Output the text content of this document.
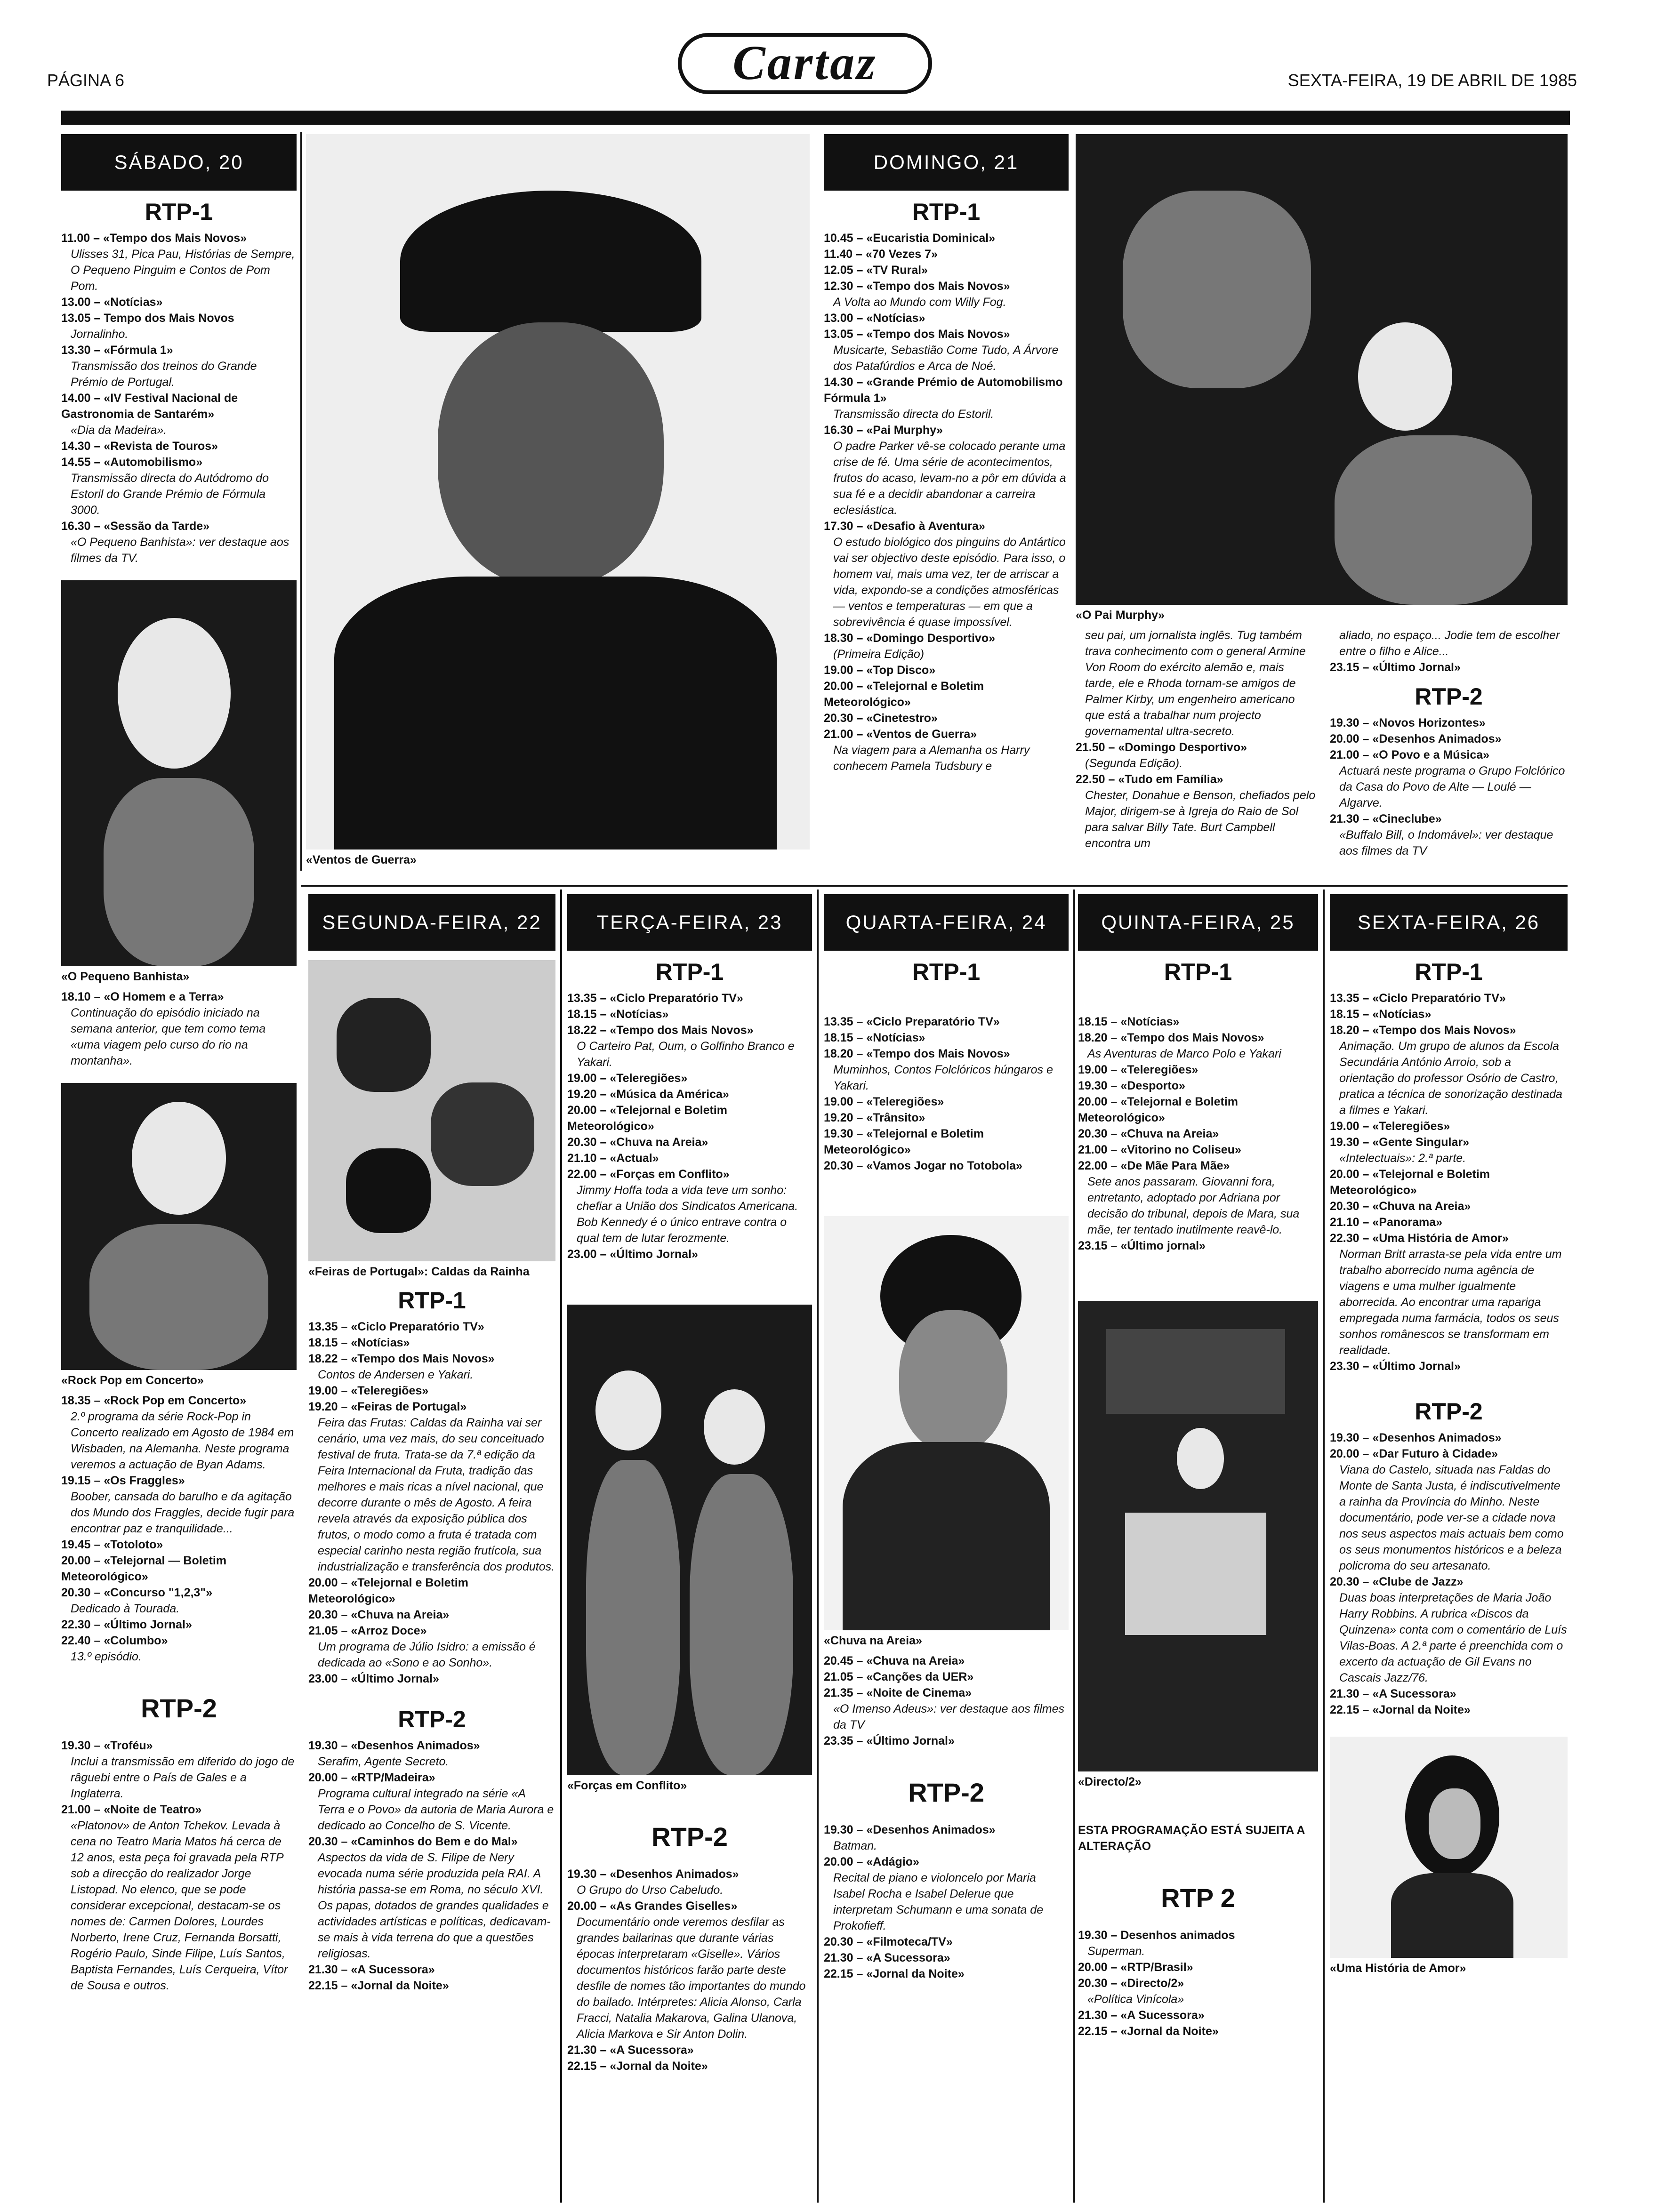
PÁGINA 6	Cartaz	SEXTA-FEIRA, 19 DE ABRIL DE 1985
SÁBADO, 20
RTP-1
11.00 – «Tempo dos Mais Novos»
Ulisses 31, Pica Pau, Histórias de Sempre, O Pequeno Pinguim e Contos de Pom Pom.
13.00 – «Notícias»
13.05 – Tempo dos Mais Novos
Jornalinho.
13.30 – «Fórmula 1»
Transmissão dos treinos do Grande Prémio de Portugal.
14.00 – «IV Festival Nacional de Gastronomia de Santarém»
«Dia da Madeira».
14.30 – «Revista de Touros»
14.55 – «Automobilismo»
Transmissão directa do Autódromo do Estoril do Grande Prémio de Fórmula 3000.
16.30 – «Sessão da Tarde»
«O Pequeno Banhista»: ver destaque aos filmes da TV.
«O Pequeno Banhista»
18.10 – «O Homem e a Terra»
Continuação do episódio iniciado na semana anterior, que tem como tema «uma viagem pelo curso do rio na montanha».
«Rock Pop em Concerto»
18.35 – «Rock Pop em Concerto»
2.º programa da série Rock-Pop in Concerto realizado em Agosto de 1984 em Wisbaden, na Alemanha. Neste programa veremos a actuação de Byan Adams.
19.15 – «Os Fraggles»
Boober, cansada do barulho e da agitação dos Mundo dos Fraggles, decide fugir para encontrar paz e tranquilidade...
19.45 – «Totoloto»
20.00 – «Telejornal — Boletim Meteorológico»
20.30 – «Concurso "1,2,3"»
Dedicado à Tourada.
22.30 – «Último Jornal»
22.40 – «Columbo»
13.º episódio.
RTP-2
19.30 – «Troféu»
Inclui a transmissão em diferido do jogo de râguebi entre o País de Gales e a Inglaterra.
21.00 – «Noite de Teatro»
«Platonov» de Anton Tchekov. Levada à cena no Teatro Maria Matos há cerca de 12 anos, esta peça foi gravada pela RTP sob a direcção do realizador Jorge Listopad. No elenco, que se pode considerar excepcional, destacam-se os nomes de: Carmen Dolores, Lourdes Norberto, Irene Cruz, Fernanda Borsatti, Rogério Paulo, Sinde Filipe, Luís Santos, Baptista Fernandes, Luís Cerqueira, Vítor de Sousa e outros.
«Ventos de Guerra»
DOMINGO, 21
RTP-1
10.45 – «Eucaristia Dominical»
11.40 – «70 Vezes 7»
12.05 – «TV Rural»
12.30 – «Tempo dos Mais Novos»
A Volta ao Mundo com Willy Fog.
13.00 – «Notícias»
13.05 – «Tempo dos Mais Novos»
Musicarte, Sebastião Come Tudo, A Árvore dos Patafúrdios e Arca de Noé.
14.30 – «Grande Prémio de Automobilismo Fórmula 1»
Transmissão directa do Estoril.
16.30 – «Pai Murphy»
O padre Parker vê-se colocado perante uma crise de fé. Uma série de acontecimentos, frutos do acaso, levam-no a pôr em dúvida a sua fé e a decidir abandonar a carreira eclesiástica.
17.30 – «Desafio à Aventura»
O estudo biológico dos pinguins do Antártico vai ser objectivo deste episódio. Para isso, o homem vai, mais uma vez, ter de arriscar a vida, expondo-se a condições atmosféricas — ventos e temperaturas — em que a sobrevivência é quase impossível.
18.30 – «Domingo Desportivo»
(Primeira Edição)
19.00 – «Top Disco»
20.00 – «Telejornal e Boletim Meteorológico»
20.30 – «Cinetestro»
21.00 – «Ventos de Guerra»
Na viagem para a Alemanha os Harry conhecem Pamela Tudsbury e
«O Pai Murphy»
seu pai, um jornalista inglês. Tug também trava conhecimento com o general Armine Von Room do exército alemão e, mais tarde, ele e Rhoda tornam-se amigos de Palmer Kirby, um engenheiro americano que está a trabalhar num projecto governamental ultra-secreto.
21.50 – «Domingo Desportivo»
(Segunda Edição).
22.50 – «Tudo em Família»
Chester, Donahue e Benson, chefiados pelo Major, dirigem-se à Igreja do Raio de Sol para salvar Billy Tate. Burt Campbell encontra um
aliado, no espaço... Jodie tem de escolher entre o filho e Alice...
23.15 – «Último Jornal»
RTP-2
19.30 – «Novos Horizontes»
20.00 – «Desenhos Animados»
21.00 – «O Povo e a Música»
Actuará neste programa o Grupo Folclórico da Casa do Povo de Alte — Loulé — Algarve.
21.30 – «Cineclube»
«Buffalo Bill, o Indomável»: ver destaque aos filmes da TV
SEGUNDA-FEIRA, 22
«Feiras de Portugal»: Caldas da Rainha
RTP-1
13.35 – «Ciclo Preparatório TV»
18.15 – «Notícias»
18.22 – «Tempo dos Mais Novos»
Contos de Andersen e Yakari.
19.00 – «Teleregiões»
19.20 – «Feiras de Portugal»
Feira das Frutas: Caldas da Rainha vai ser cenário, uma vez mais, do seu conceituado festival de fruta. Trata-se da 7.ª edição da Feira Internacional da Fruta, tradição das melhores e mais ricas a nível nacional, que decorre durante o mês de Agosto. A feira revela através da exposição pública dos frutos, o modo como a fruta é tratada com especial carinho nesta região frutícola, sua industrialização e transferência dos produtos.
20.00 – «Telejornal e Boletim Meteorológico»
20.30 – «Chuva na Areia»
21.05 – «Arroz Doce»
Um programa de Júlio Isidro: a emissão é dedicada ao «Sono e ao Sonho».
23.00 – «Último Jornal»
RTP-2
19.30 – «Desenhos Animados»
Serafim, Agente Secreto.
20.00 – «RTP/Madeira»
Programa cultural integrado na série «A Terra e o Povo» da autoria de Maria Aurora e dedicado ao Concelho de S. Vicente.
20.30 – «Caminhos do Bem e do Mal»
Aspectos da vida de S. Filipe de Nery evocada numa série produzida pela RAI. A história passa-se em Roma, no século XVI. Os papas, dotados de grandes qualidades e actividades artísticas e políticas, dedicavam-se mais à vida terrena do que a questões religiosas.
21.30 – «A Sucessora»
22.15 – «Jornal da Noite»
TERÇA-FEIRA, 23
RTP-1
13.35 – «Ciclo Preparatório TV»
18.15 – «Notícias»
18.22 – «Tempo dos Mais Novos»
O Carteiro Pat, Oum, o Golfinho Branco e Yakari.
19.00 – «Teleregiões»
19.20 – «Música da América»
20.00 – «Telejornal e Boletim Meteorológico»
20.30 – «Chuva na Areia»
21.10 – «Actual»
22.00 – «Forças em Conflito»
Jimmy Hoffa toda a vida teve um sonho: chefiar a União dos Sindicatos Americana. Bob Kennedy é o único entrave contra o qual tem de lutar ferozmente.
23.00 – «Último Jornal»
«Forças em Conflito»
RTP-2
19.30 – «Desenhos Animados»
O Grupo do Urso Cabeludo.
20.00 – «As Grandes Giselles»
Documentário onde veremos desfilar as grandes bailarinas que durante várias épocas interpretaram «Giselle». Vários documentos históricos farão parte deste desfile de nomes tão importantes do mundo do bailado. Intérpretes: Alicia Alonso, Carla Fracci, Natalia Makarova, Galina Ulanova, Alicia Markova e Sir Anton Dolin.
21.30 – «A Sucessora»
22.15 – «Jornal da Noite»
QUARTA-FEIRA, 24
RTP-1
13.35 – «Ciclo Preparatório TV»
18.15 – «Notícias»
18.20 – «Tempo dos Mais Novos»
Muminhos, Contos Folclóricos húngaros e Yakari.
19.00 – «Teleregiões»
19.20 – «Trânsito»
19.30 – «Telejornal e Boletim Meteorológico»
20.30 – «Vamos Jogar no Totobola»
«Chuva na Areia»
20.45 – «Chuva na Areia»
21.05 – «Canções da UER»
21.35 – «Noite de Cinema»
«O Imenso Adeus»: ver destaque aos filmes da TV
23.35 – «Último Jornal»
RTP-2
19.30 – «Desenhos Animados»
Batman.
20.00 – «Adágio»
Recital de piano e violoncelo por Maria Isabel Rocha e Isabel Delerue que interpretam Schumann e uma sonata de Prokofieff.
20.30 – «Filmoteca/TV»
21.30 – «A Sucessora»
22.15 – «Jornal da Noite»
QUINTA-FEIRA, 25
RTP-1
18.15 – «Notícias»
18.20 – «Tempo dos Mais Novos»
As Aventuras de Marco Polo e Yakari
19.00 – «Teleregiões»
19.30 – «Desporto»
20.00 – «Telejornal e Boletim Meteorológico»
20.30 – «Chuva na Areia»
21.00 – «Vitorino no Coliseu»
22.00 – «De Mãe Para Mãe»
Sete anos passaram. Giovanni fora, entretanto, adoptado por Adriana por decisão do tribunal, depois de Mara, sua mãe, ter tentado inutilmente reavê-lo.
23.15 – «Último jornal»
«Directo/2»
ESTA PROGRAMAÇÃO ESTÁ SUJEITA A ALTERAÇÃO
RTP 2
19.30 – Desenhos animados
Superman.
20.00 – «RTP/Brasil»
20.30 – «Directo/2»
«Política Vinícola»
21.30 – «A Sucessora»
22.15 – «Jornal da Noite»
SEXTA-FEIRA, 26
RTP-1
13.35 – «Ciclo Preparatório TV»
18.15 – «Notícias»
18.20 – «Tempo dos Mais Novos»
Animação. Um grupo de alunos da Escola Secundária António Arroio, sob a orientação do professor Osório de Castro, pratica a técnica de sonorização destinada a filmes e Yakari.
19.00 – «Teleregiões»
19.30 – «Gente Singular»
«Intelectuais»: 2.ª parte.
20.00 – «Telejornal e Boletim Meteorológico»
20.30 – «Chuva na Areia»
21.10 – «Panorama»
22.30 – «Uma História de Amor»
Norman Britt arrasta-se pela vida entre um trabalho aborrecido numa agência de viagens e uma mulher igualmente aborrecida. Ao encontrar uma rapariga empregada numa farmácia, todos os seus sonhos românescos se transformam em realidade.
23.30 – «Último Jornal»
RTP-2
19.30 – «Desenhos Animados»
20.00 – «Dar Futuro à Cidade»
Viana do Castelo, situada nas Faldas do Monte de Santa Justa, é indiscutivelmente a rainha da Província do Minho. Neste documentário, pode ver-se a cidade nova nos seus aspectos mais actuais bem como os seus monumentos históricos e a beleza policroma do seu artesanato.
20.30 – «Clube de Jazz»
Duas boas interpretações de Maria João Harry Robbins. A rubrica «Discos da Quinzena» conta com o comentário de Luís Vilas-Boas. A 2.ª parte é preenchida com o excerto da actuação de Gil Evans no Cascais Jazz/76.
21.30 – «A Sucessora»
22.15 – «Jornal da Noite»
«Uma História de Amor»
